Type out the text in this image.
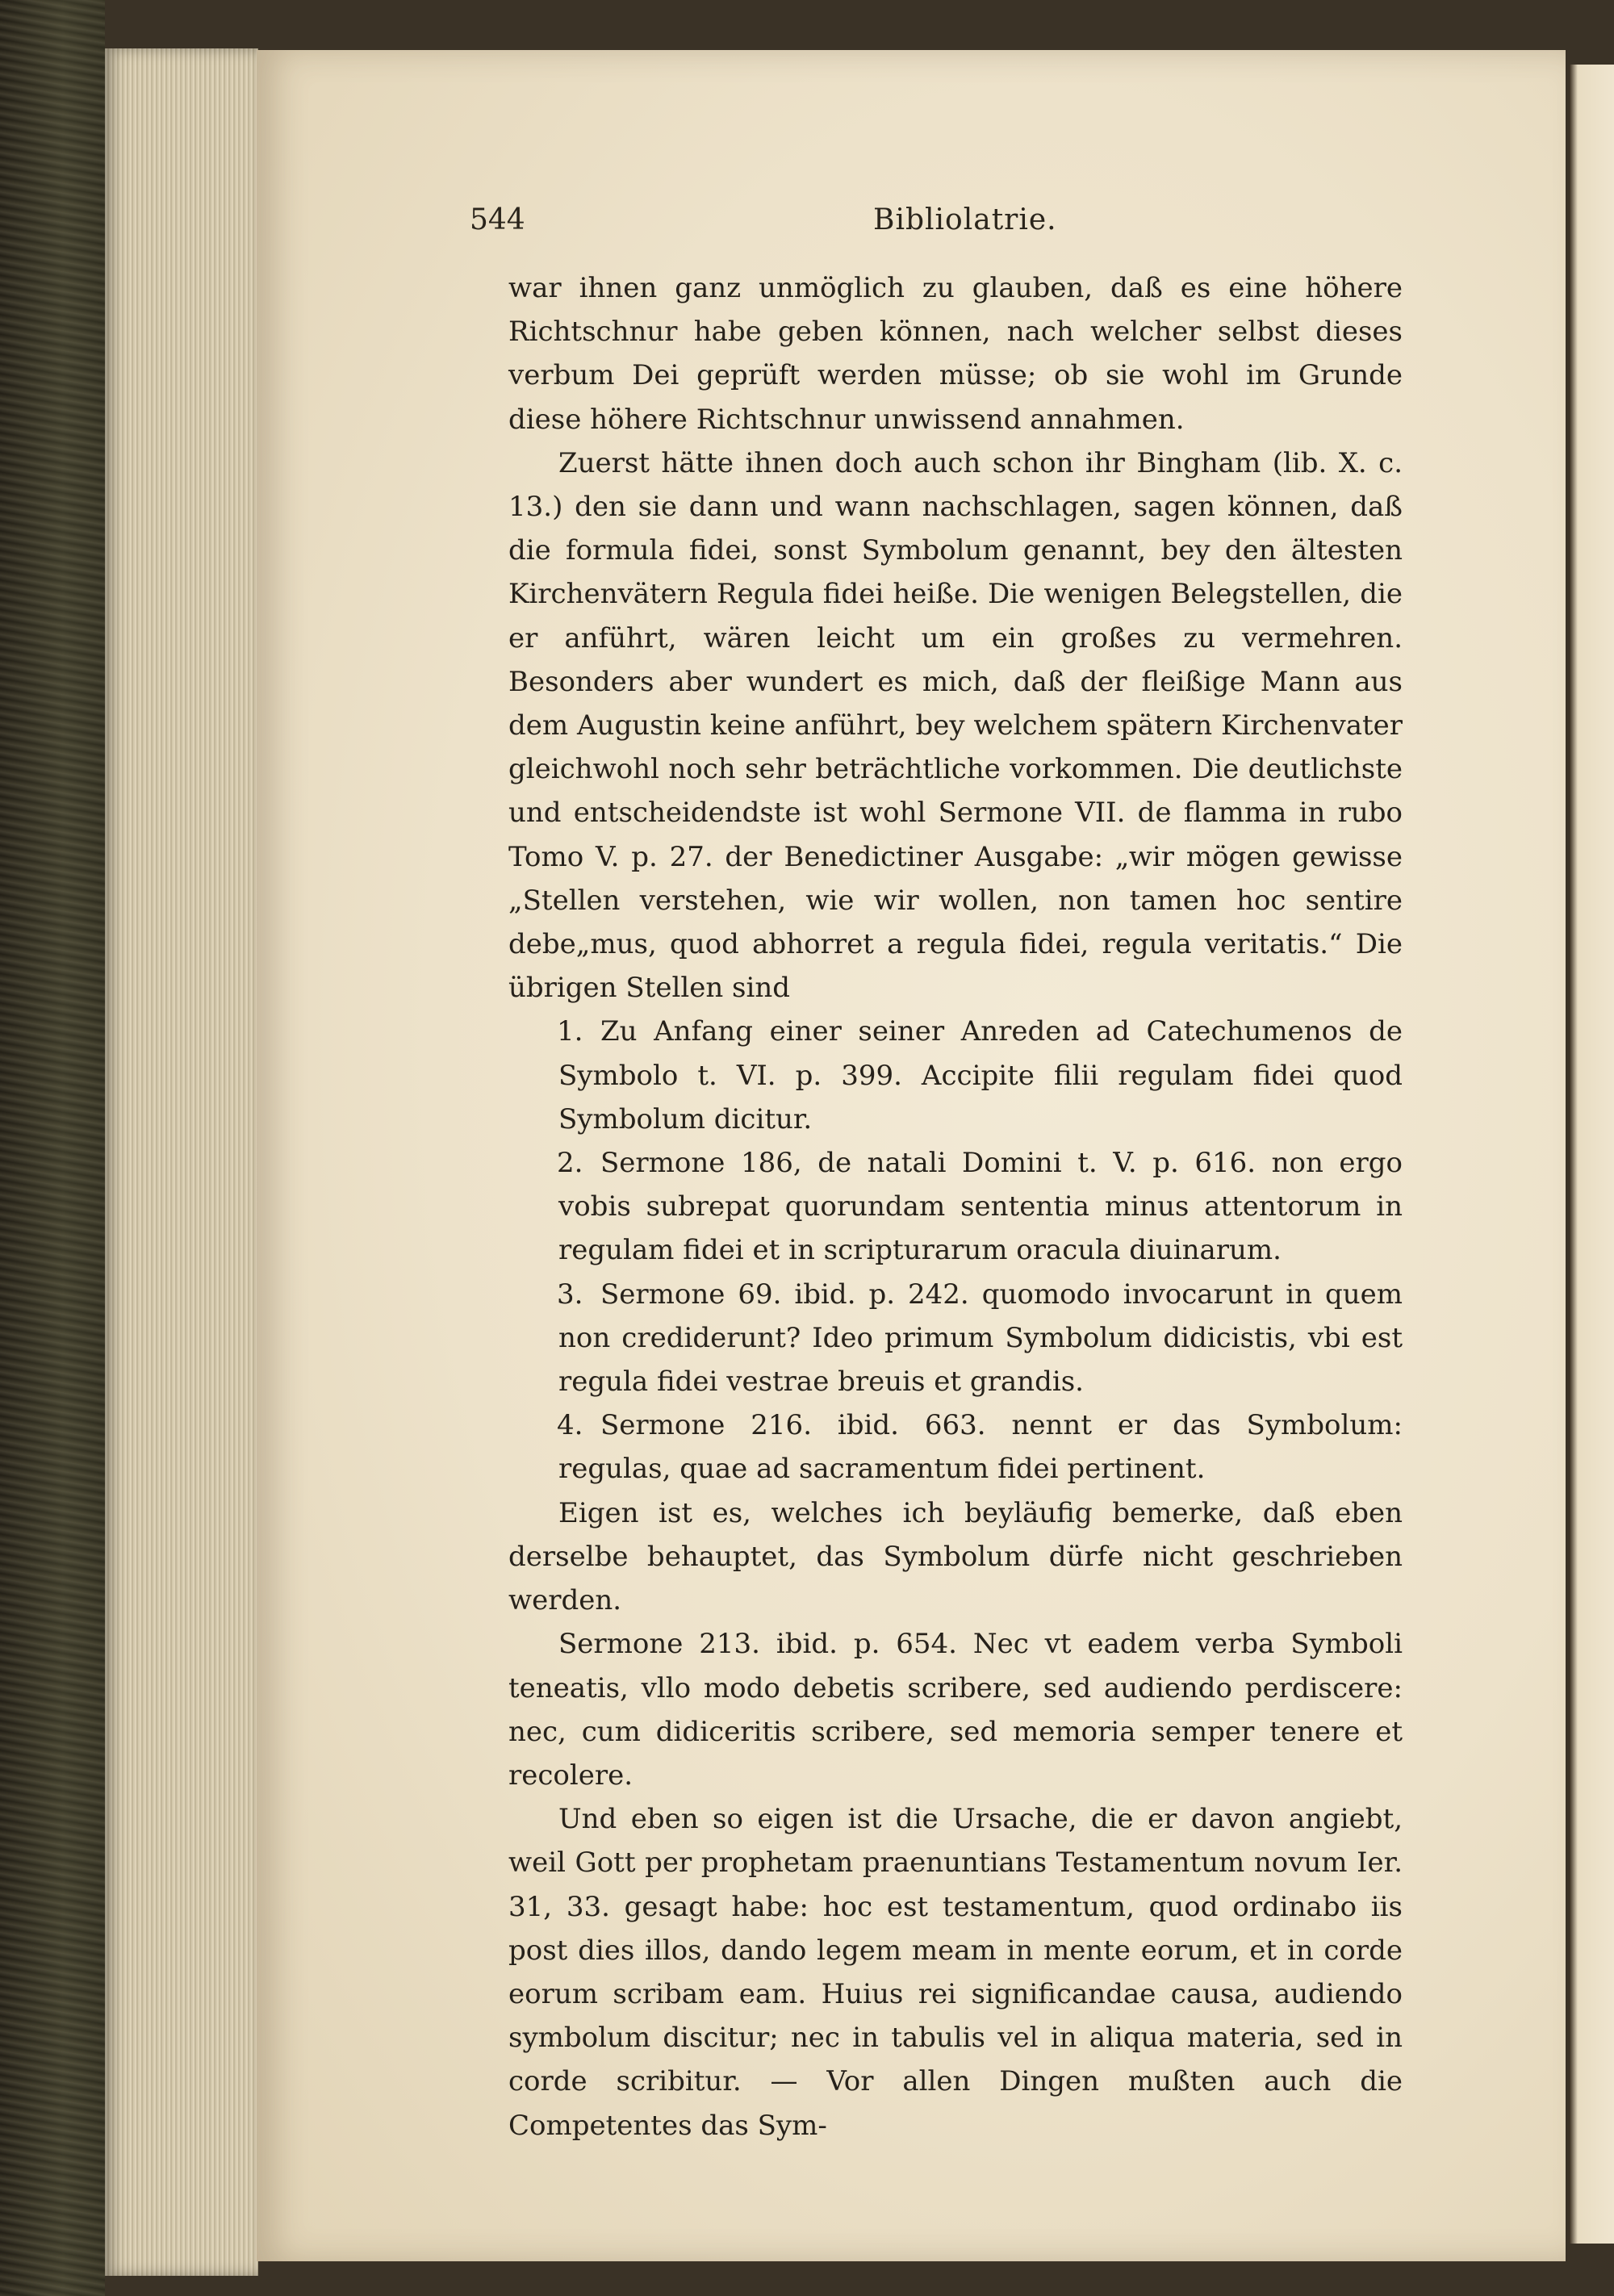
544	Bibliolatrie.

war ihnen ganz unmöglich zu glauben, daß es eine höhere Richtschnur habe geben können, nach welcher selbst dieses verbum Dei geprüft werden müsse; ob sie wohl im Grunde diese höhere Richtschnur unwissend annahmen.

Zuerst hätte ihnen doch auch schon ihr Bingham (lib. X. c. 13.) den sie dann und wann nachschlagen, sagen können, daß die formula fidei, sonst Symbolum genannt, bey den ältesten Kirchenvätern Regula fidei heiße. Die wenigen Belegstellen, die er anführt, wären leicht um ein großes zu vermehren. Besonders aber wundert es mich, daß der fleißige Mann aus dem Augustin keine anführt, bey welchem spätern Kirchenvater gleichwohl noch sehr beträchtliche vorkommen. Die deutlichste und entscheidendste ist wohl Sermone VII. de flamma in rubo Tomo V. p. 27. der Benedictiner Ausgabe: „wir mögen gewisse „Stellen verstehen, wie wir wollen, non tamen hoc sentire debe„mus, quod abhorret a regula fidei, regula veritatis.“ Die übrigen Stellen sind

1. Zu Anfang einer seiner Anreden ad Catechumenos de Symbolo t. VI. p. 399. Accipite filii regulam fidei quod Symbolum dicitur.

2. Sermone 186, de natali Domini t. V. p. 616. non ergo vobis subrepat quorundam sententia minus attentorum in regulam fidei et in scripturarum oracula diuinarum.

3. Sermone 69. ibid. p. 242. quomodo invocarunt in quem non crediderunt? Ideo primum Symbolum didicistis, vbi est regula fidei vestrae breuis et grandis.

4. Sermone 216. ibid. 663. nennt er das Symbolum: regulas, quae ad sacramentum fidei pertinent.

Eigen ist es, welches ich beyläufig bemerke, daß eben derselbe behauptet, das Symbolum dürfe nicht geschrieben werden.

Sermone 213. ibid. p. 654. Nec vt eadem verba Symboli teneatis, vllo modo debetis scribere, sed audiendo perdiscere: nec, cum didiceritis scribere, sed memoria semper tenere et recolere.

Und eben so eigen ist die Ursache, die er davon angiebt, weil Gott per prophetam praenuntians Testamentum novum Ier. 31, 33. gesagt habe: hoc est testamentum, quod ordinabo iis post dies illos, dando legem meam in mente eorum, et in corde eorum scribam eam. Huius rei significandae causa, audiendo symbolum discitur; nec in tabulis vel in aliqua materia, sed in corde scribitur. — Vor allen Dingen mußten auch die Competentes das Sym-
